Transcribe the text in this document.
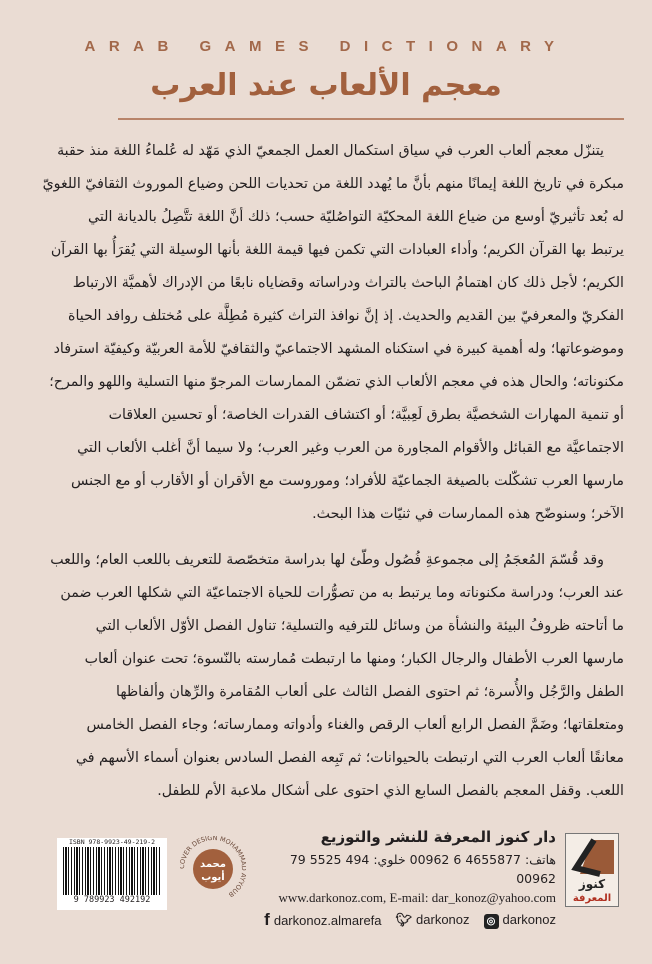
ARAB GAMES DICTIONARY
معجم الألعاب عند العرب
يتنزّل معجم ألعاب العرب في سياق استكمال العمل الجمعيّ الذي مَهّد له عُلماءُ اللغة منذ حقبة
مبكرة في تاريخ اللغة إيمانًا منهم بأنَّ ما يُهدد اللغة من تحديات اللحن وضياع الموروث الثقافيّ اللغويّ
له بُعد تأثيريّ أوسع من ضياع اللغة المحكيّة التواصُليّة حسب؛ ذلك أنَّ اللغة تتَّصِلُ بالديانة التي
يرتبط بها القرآن الكريم؛ وأداء العبادات التي تكمن فيها قيمة اللغة بأنها الوسيلة التي يُقرَأُ بها القرآن
الكريم؛ لأجل ذلك كان اهتمامُ الباحث بالتراث ودراساته وقضاياه نابعًا من الإدراك لأهميَّة الارتباط
الفكريّ والمعرفيّ بين القديم والحديث. إذ إنَّ نوافذ التراث كثيرة مُطِلَّة على مُختلف روافد الحياة
وموضوعاتها؛ وله أهمية كبيرة في استكناه المشهد الاجتماعيّ والثقافيّ للأمة العربيّة وكيفيّة استرفاد
مكنوناته؛ والحال هذه في معجم الألعاب الذي تضمّن الممارسات المرجوّ منها التسلية واللهو والمرح؛
أو تنمية المهارات الشخصيَّة بطرق لَعِبيَّة؛ أو اكتشاف القدرات الخاصة؛ أو تحسين العلاقات
الاجتماعيَّة مع القبائل والأقوام المجاورة من العرب وغير العرب؛ ولا سيما أنَّ أغلب الألعاب التي
مارسها العرب تشكّلت بالصيغة الجماعيّة للأفراد؛ وموروست مع الأقران أو الأقارب أو مع الجنس
الآخر؛ وسنوضّح هذه الممارسات في ثنيّات هذا البحث.
وقد قُسّمَ المُعجَمُ إلى مجموعةِ فُصُول وطّئ لها بدراسة متخصّصة للتعريف باللعب العام؛ واللعب
عند العرب؛ ودراسة مكنوناته وما يرتبط به من تصوُّرات للحياة الاجتماعيّة التي شكلها العرب ضمن
ما أتاحته ظروفُ البيئة والنشأة من وسائل للترفيه والتسلية؛ تناول الفصل الأوّل الألعاب التي
مارسها العرب الأطفال والرجال الكبار؛ ومنها ما ارتبطت مُمارسته بالنّسوة؛ تحت عنوان ألعاب
الطفل والرَّجُل والأُسرة؛ ثم احتوى الفصل الثالث على ألعاب المُقامرة والرِّهان وألفاظها
ومتعلقاتها؛ وضَمَّ الفصل الرابع ألعاب الرقص والغناء وأدواته وممارساته؛ وجاء الفصل الخامس
معانقًا ألعاب العرب التي ارتبطت بالحيوانات؛ ثم تَبِعه الفصل السادس بعنوان أسماء الأسهم في
اللعب. وقفل المعجم بالفصل السابع الذي احتوى على أشكال ملاعبة الأم للطفل.
كنوز
المعرفة
دار كنوز المعرفة للنشر والتوزيع
هاتف: 4655877 6 00962 خلوي: 494 5525 79 00962
www.darkonoz.com, E-mail: dar_konoz@yahoo.com
f darkonoz.almarefa 🐦︎ darkonoz	◎ darkonoz
VER DESIGN MOHAMM YYOUB
محمد
أيوب
ISBN 978-9923-49-219-2
9 789923 492192
